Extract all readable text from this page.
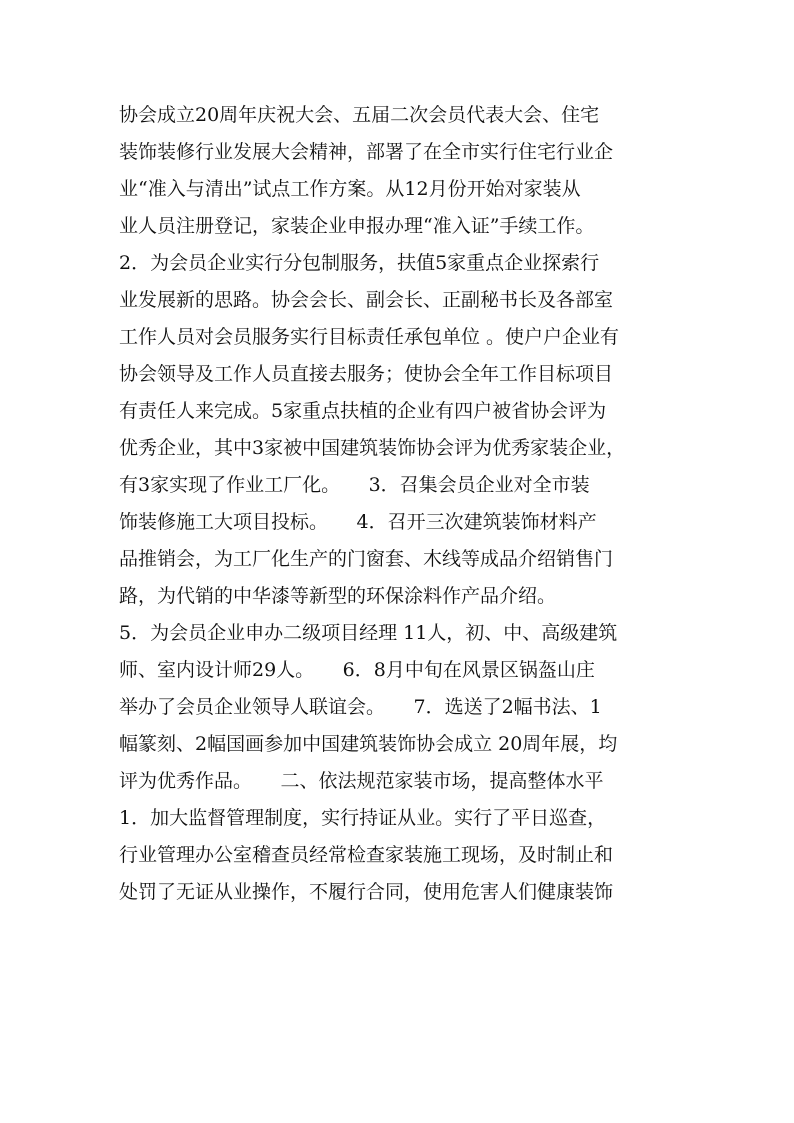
协会成立20周年庆祝大会、五届二次会员代表大会、住宅
装饰装修行业发展大会精神，部署了在全市实行住宅行业企
业“准入与清出”试点工作方案。从12月份开始对家装从
业人员注册登记，家装企业申报办理“准入证”手续工作。
2．为会员企业实行分包制服务，扶值5家重点企业探索行
业发展新的思路。协会会长、副会长、正副秘书长及各部室
工作人员对会员服务实行目标责任承包单位 。使户户企业有
协会领导及工作人员直接去服务；使协会全年工作目标项目
有责任人来完成。5家重点扶植的企业有四户被省协会评为
优秀企业，其中3家被中国建筑装饰协会评为优秀家装企业，
有3家实现了作业工厂化。　　3．召集会员企业对全市装
饰装修施工大项目投标。　　4．召开三次建筑装饰材料产
品推销会，为工厂化生产的门窗套、木线等成品介绍销售门
路，为代销的中华漆等新型的环保涂料作产品介绍。
5．为会员企业申办二级项目经理 11人，初、中、高级建筑
师、室内设计师29人。　　6．8月中旬在风景区锅盔山庄
举办了会员企业领导人联谊会。　　7．选送了2幅书法、1
幅篆刻、2幅国画参加中国建筑装饰协会成立 20周年展，均
评为优秀作品。　　二、依法规范家装市场，提高整体水平
1．加大监督管理制度，实行持证从业。实行了平日巡查，
行业管理办公室稽查员经常检查家装施工现场，及时制止和
处罚了无证从业操作，不履行合同，使用危害人们健康装饰
